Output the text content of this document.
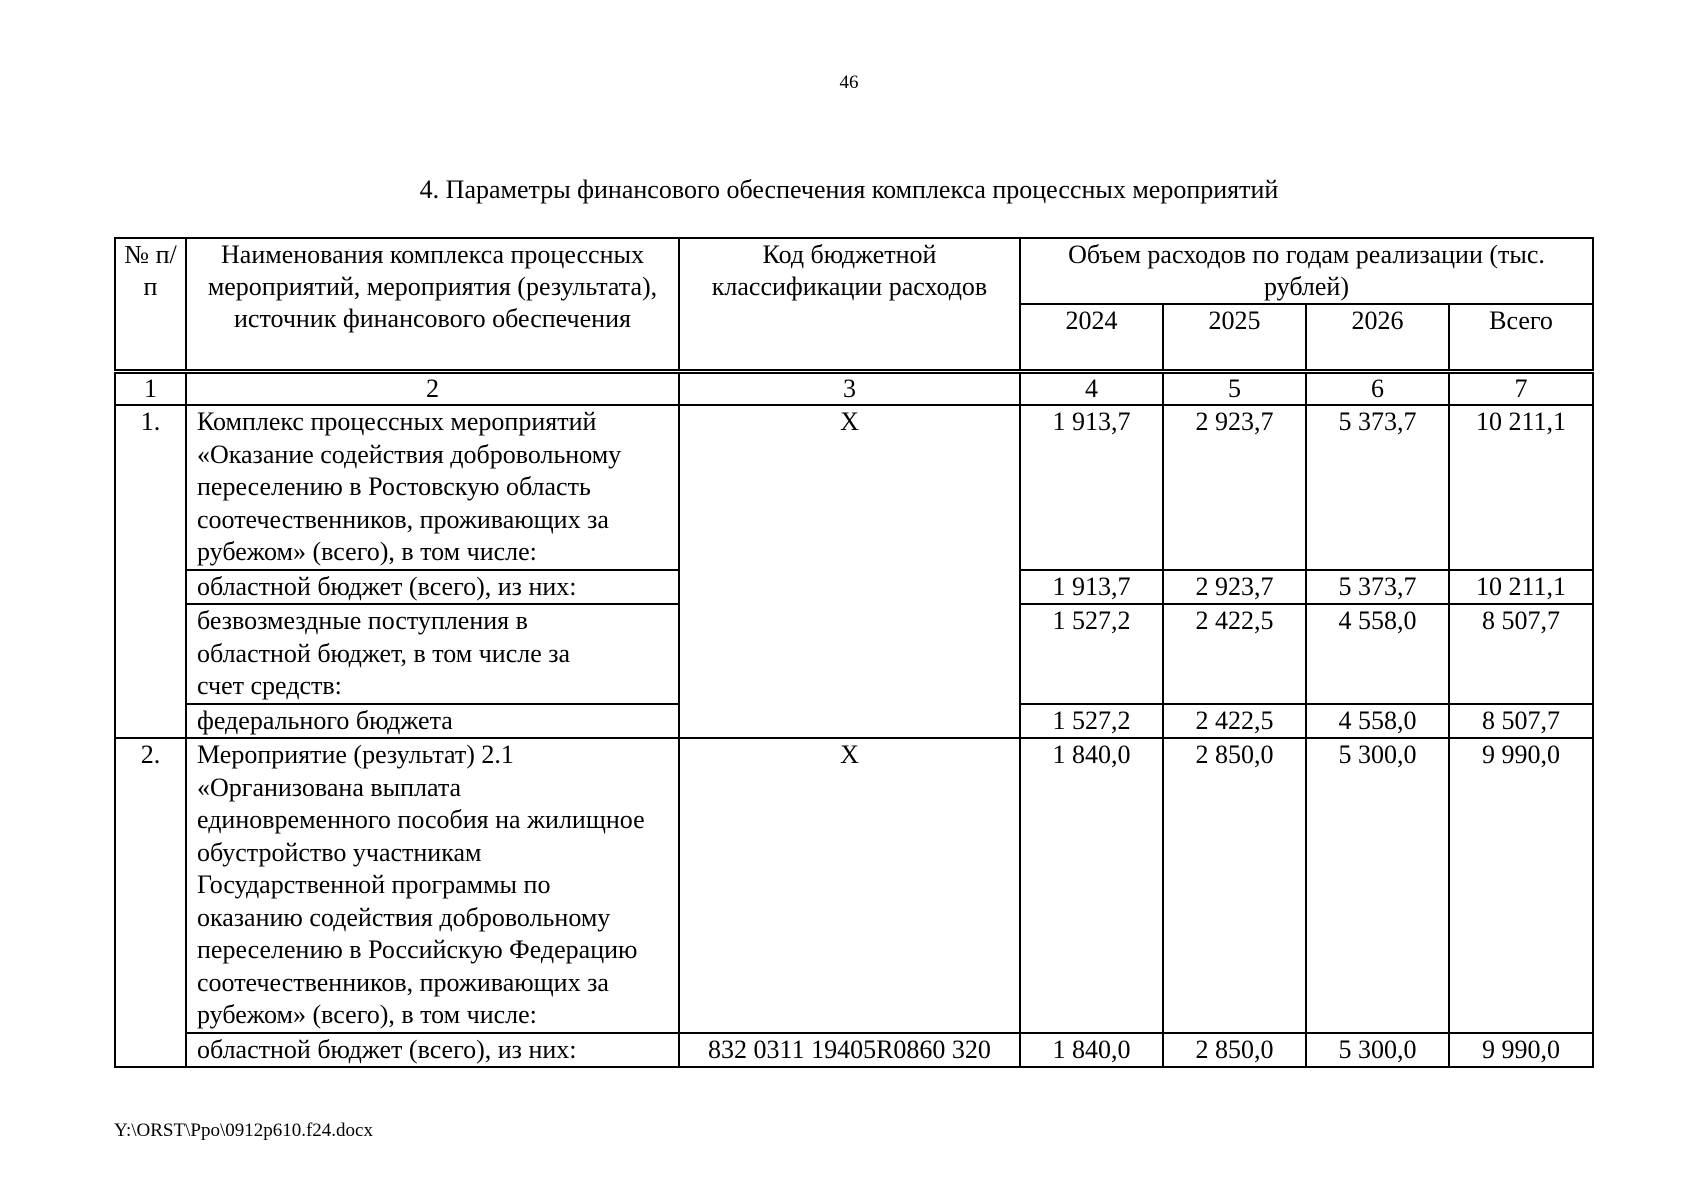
46
4. Параметры финансового обеспечения комплекса процессных мероприятий
№ п/п	Наименования комплекса процессных мероприятий, мероприятия (результата), источник финансового обеспечения	Код бюджетной классификации расходов	Объем расходов по годам реализации (тыс. рублей)			
			2024	2025	2026	Всего
1	2	3	4	5	6	7
1.	Комплекс процессных мероприятий «Оказание содействия добровольному переселению в Ростовскую область соотечественников, проживающих за рубежом» (всего), в том числе:	X	1 913,7	2 923,7	5 373,7	10 211,1
	областной бюджет (всего), из них:		1 913,7	2 923,7	5 373,7	10 211,1
	безвозмездные поступления в областной бюджет, в том числе за счет средств:		1 527,2	2 422,5	4 558,0	8 507,7
	федерального бюджета		1 527,2	2 422,5	4 558,0	8 507,7
2.	Мероприятие (результат) 2.1 «Организована выплата единовременного пособия на жилищное обустройство участникам Государственной программы по оказанию содействия добровольному переселению в Российскую Федерацию соотечественников, проживающих за рубежом» (всего), в том числе:	X	1 840,0	2 850,0	5 300,0	9 990,0
	областной бюджет (всего), из них:	832 0311 19405R0860 320	1 840,0	2 850,0	5 300,0	9 990,0
Y:\ORST\Ppo\0912p610.f24.docx
